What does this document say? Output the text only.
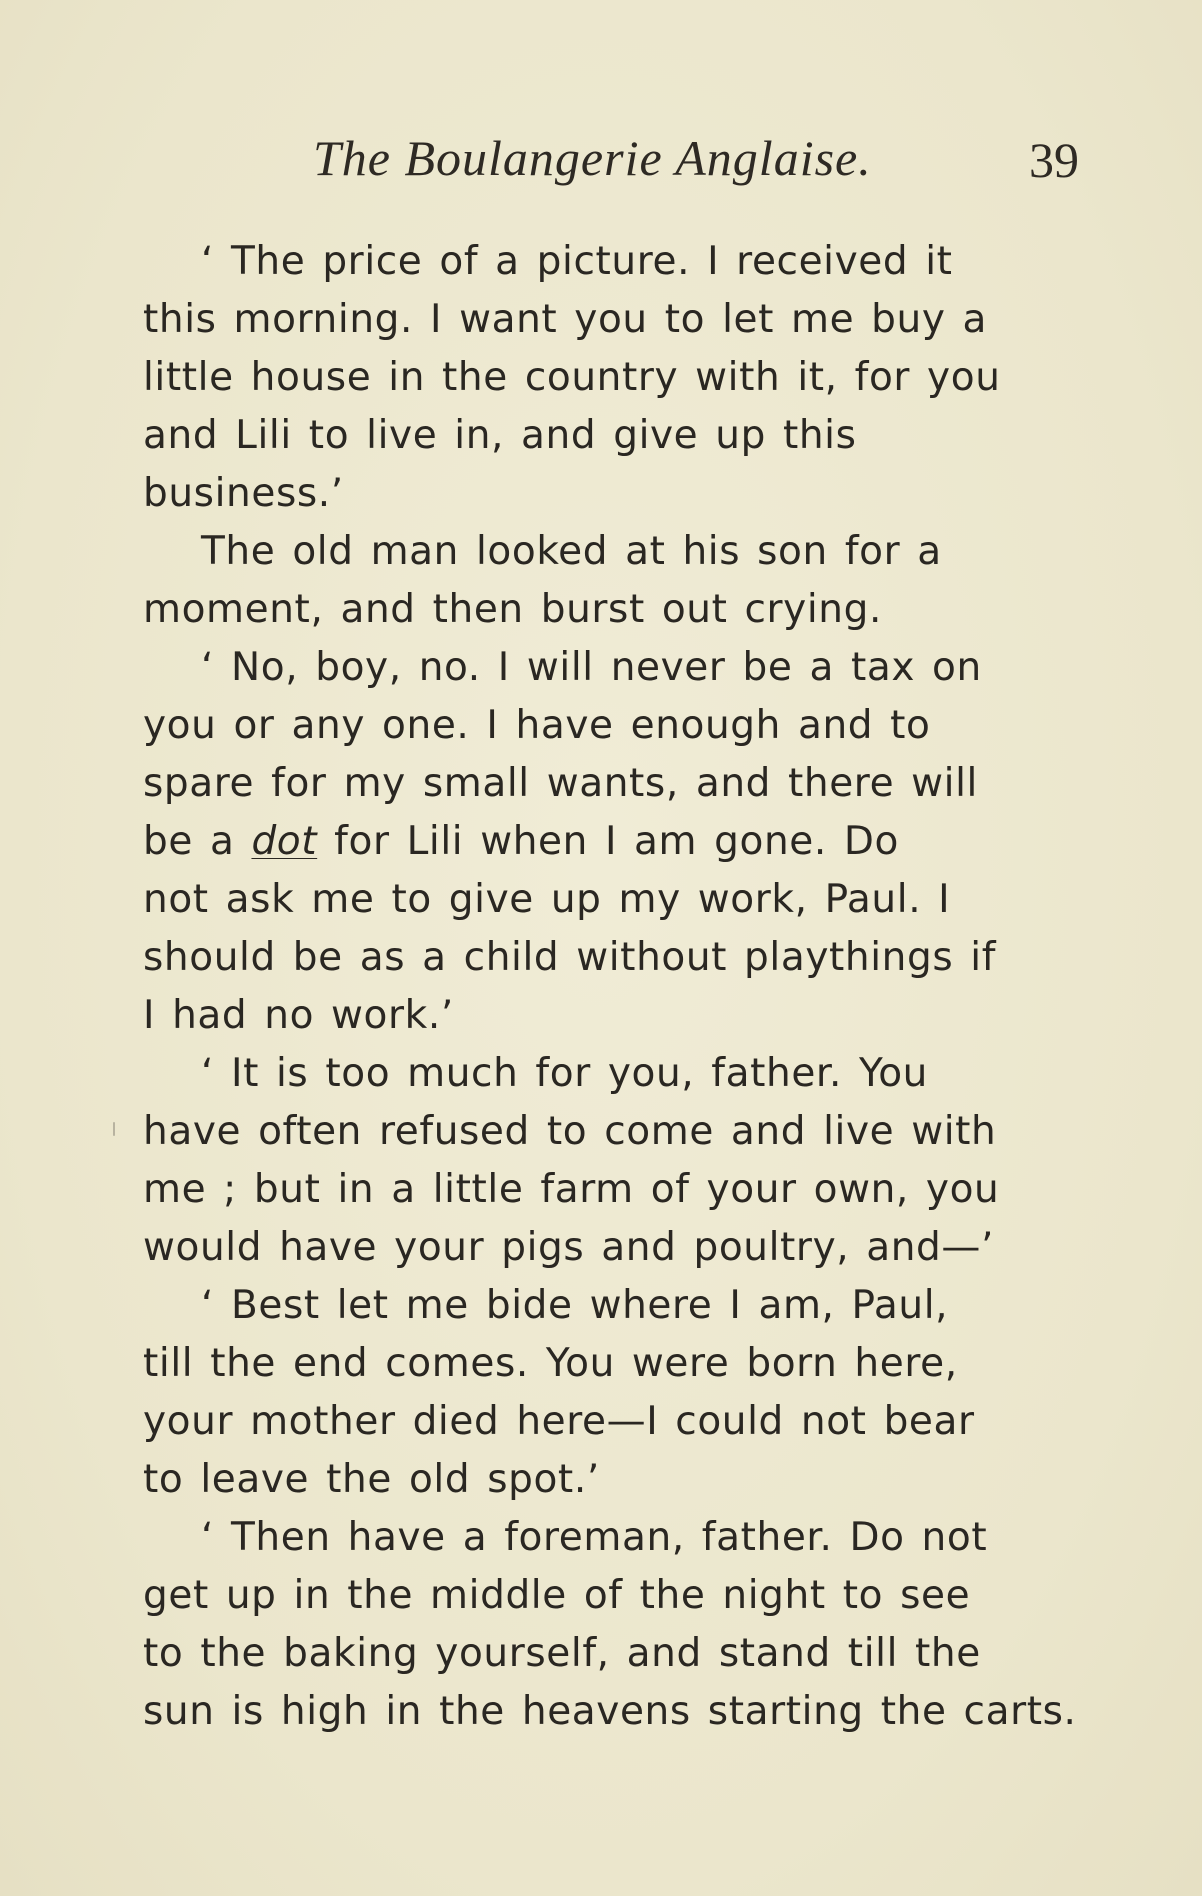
The Boulangerie Anglaise.	39

‘ The price of a picture. I received it
this morning. I want you to let me buy a
little house in the country with it, for you
and Lili to live in, and give up this
business.’

The old man looked at his son for a
moment, and then burst out crying.

‘ No, boy, no. I will never be a tax on
you or any one. I have enough and to
spare for my small wants, and there will
be a dot for Lili when I am gone. Do
not ask me to give up my work, Paul. I
should be as a child without playthings if
I had no work.’

‘ It is too much for you, father. You
have often refused to come and live with
me ; but in a little farm of your own, you
would have your pigs and poultry, and—’

‘ Best let me bide where I am, Paul,
till the end comes. You were born here,
your mother died here—I could not bear
to leave the old spot.’

‘ Then have a foreman, father. Do not
get up in the middle of the night to see
to the baking yourself, and stand till the
sun is high in the heavens starting the carts.
